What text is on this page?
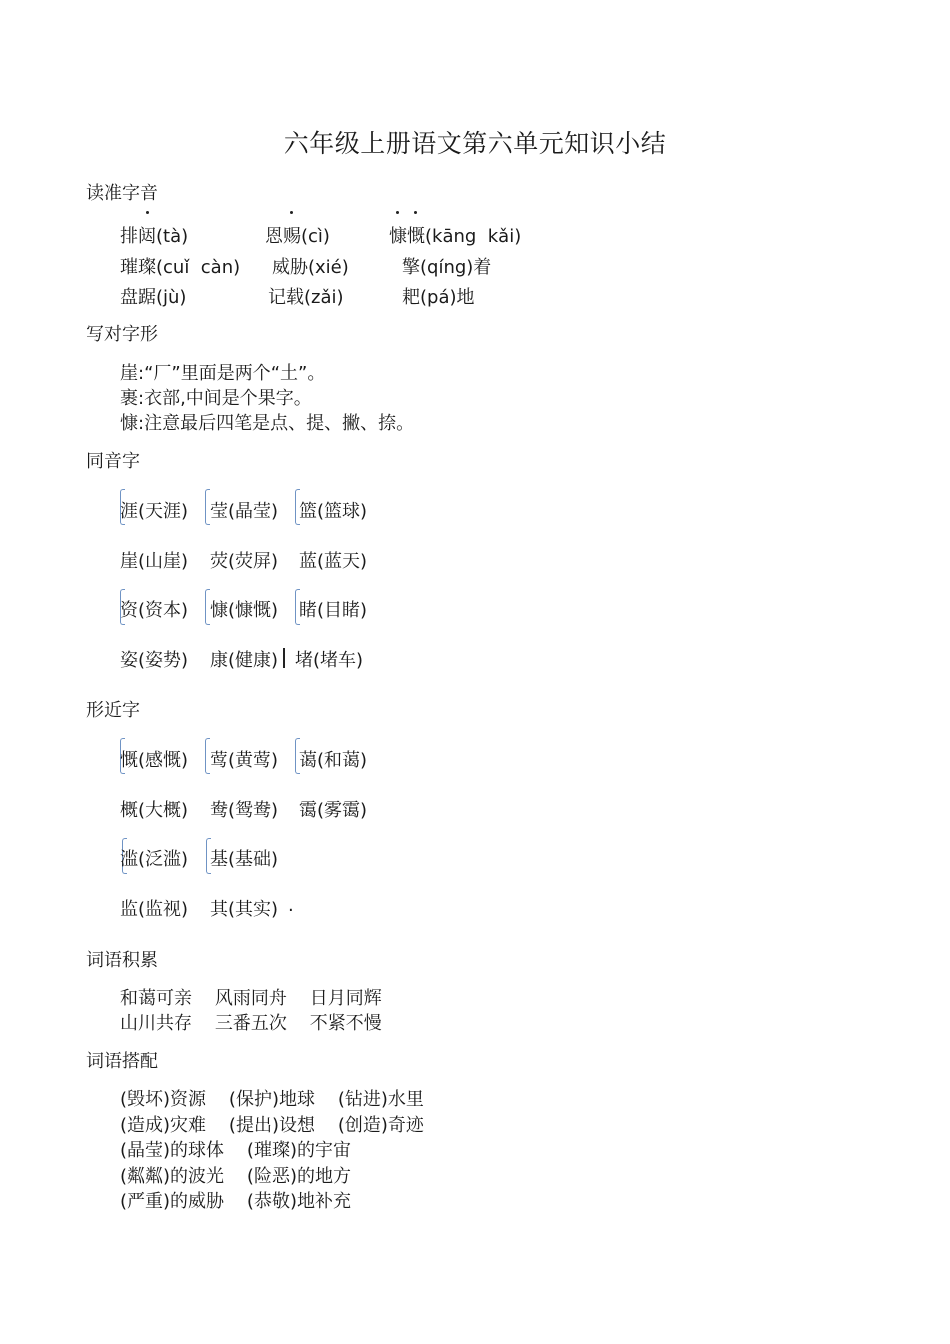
六年级上册语文第六单元知识小结
读准字音
排闼(tà)	恩赐(cì)	慷慨(kāng  kǎi)
璀璨(cuǐ  càn) 威胁(xié)	擎(qíng)着
盘踞(jù)	记载(zǎi)	耙(pá)地
写对字形
崖:“厂”里面是两个“土”。
裹:衣部,中间是个果字。
慷:注意最后四笔是点、提、撇、捺。
同音字
涯(天涯) 莹(晶莹) 篮(篮球)
崖(山崖) 荧(荧屏) 蓝(蓝天)
资(资本) 慷(慷慨) 睹(目睹)
姿(姿势) 康(健康) 堵(堵车)
形近字
慨(感慨) 莺(黄莺) 蔼(和蔼)
概(大概) 鸯(鸳鸯) 霭(雾霭)
滥(泛滥) 基(基础)
监(监视) 其(其实) .
词语积累
和蔼可亲    风雨同舟    日月同辉
山川共存    三番五次    不紧不慢
词语搭配
(毁坏)资源    (保护)地球    (钻进)水里
(造成)灾难    (提出)设想    (创造)奇迹
(晶莹)的球体    (璀璨)的宇宙
(粼粼)的波光    (险恶)的地方
(严重)的威胁    (恭敬)地补充
